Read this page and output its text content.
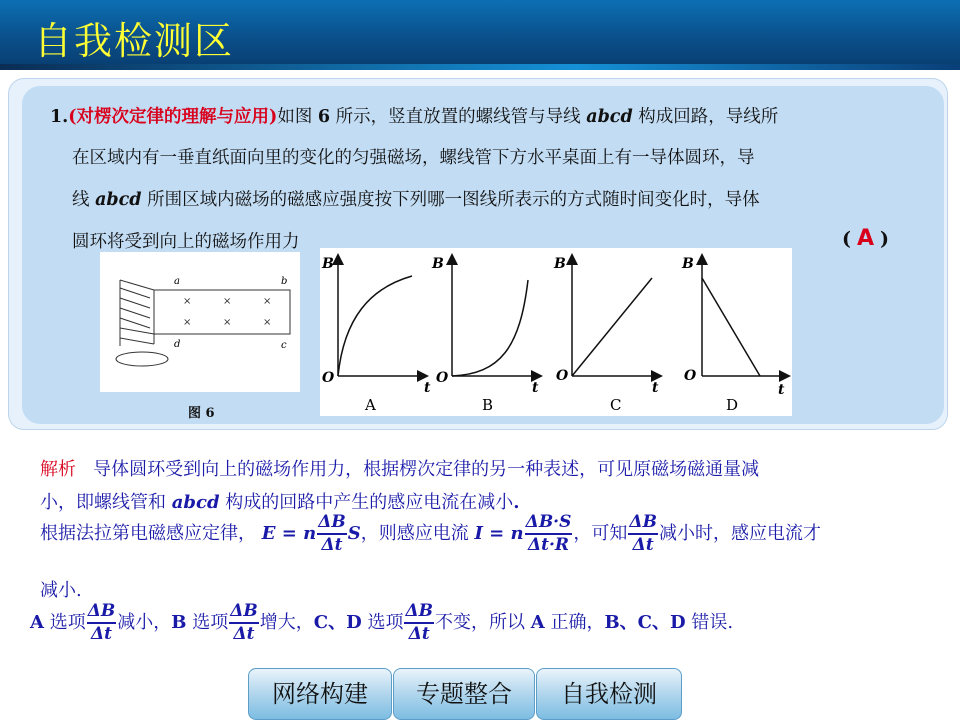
自我检测区
1.(对楞次定律的理解与应用)如图 6 所示，竖直放置的螺线管与导线 abcd 构成回路，导线所
在区域内有一垂直纸面向里的变化的匀强磁场，螺线管下方水平桌面上有一导体圆环，导
线 abcd 所围区域内磁场的磁感应强度按下列哪一图线所表示的方式随时间变化时，导体
圆环将受到向上的磁场作用力	( A )
a	b
d	c
×	×	×
×	×	×
图 6
B
t
O
A
B
t
O
B
B
t
O
C
B
t
O
D
解析 导体圆环受到向上的磁场作用力，根据楞次定律的另一种表述，可见原磁场磁通量减
小，即螺线管和 abcd 构成的回路中产生的感应电流在减小.
根据法拉第电磁感应定律， E = n $\frac{\Delta B}{\Delta t}$ S，则感应电流 I = n $\frac{\Delta B\cdot S}{\Delta t\cdot R}$ ，可知 $\frac{\Delta B}{\Delta t}$ 减小时，感应电流才
减小.
A 选项 $\frac{\Delta B}{\Delta t}$ 减小，B 选项 $\frac{\Delta B}{\Delta t}$ 增大，C、D 选项 $\frac{\Delta B}{\Delta t}$ 不变，所以 A 正确，B、C、D 错误.
网络构建	专题整合	自我检测
